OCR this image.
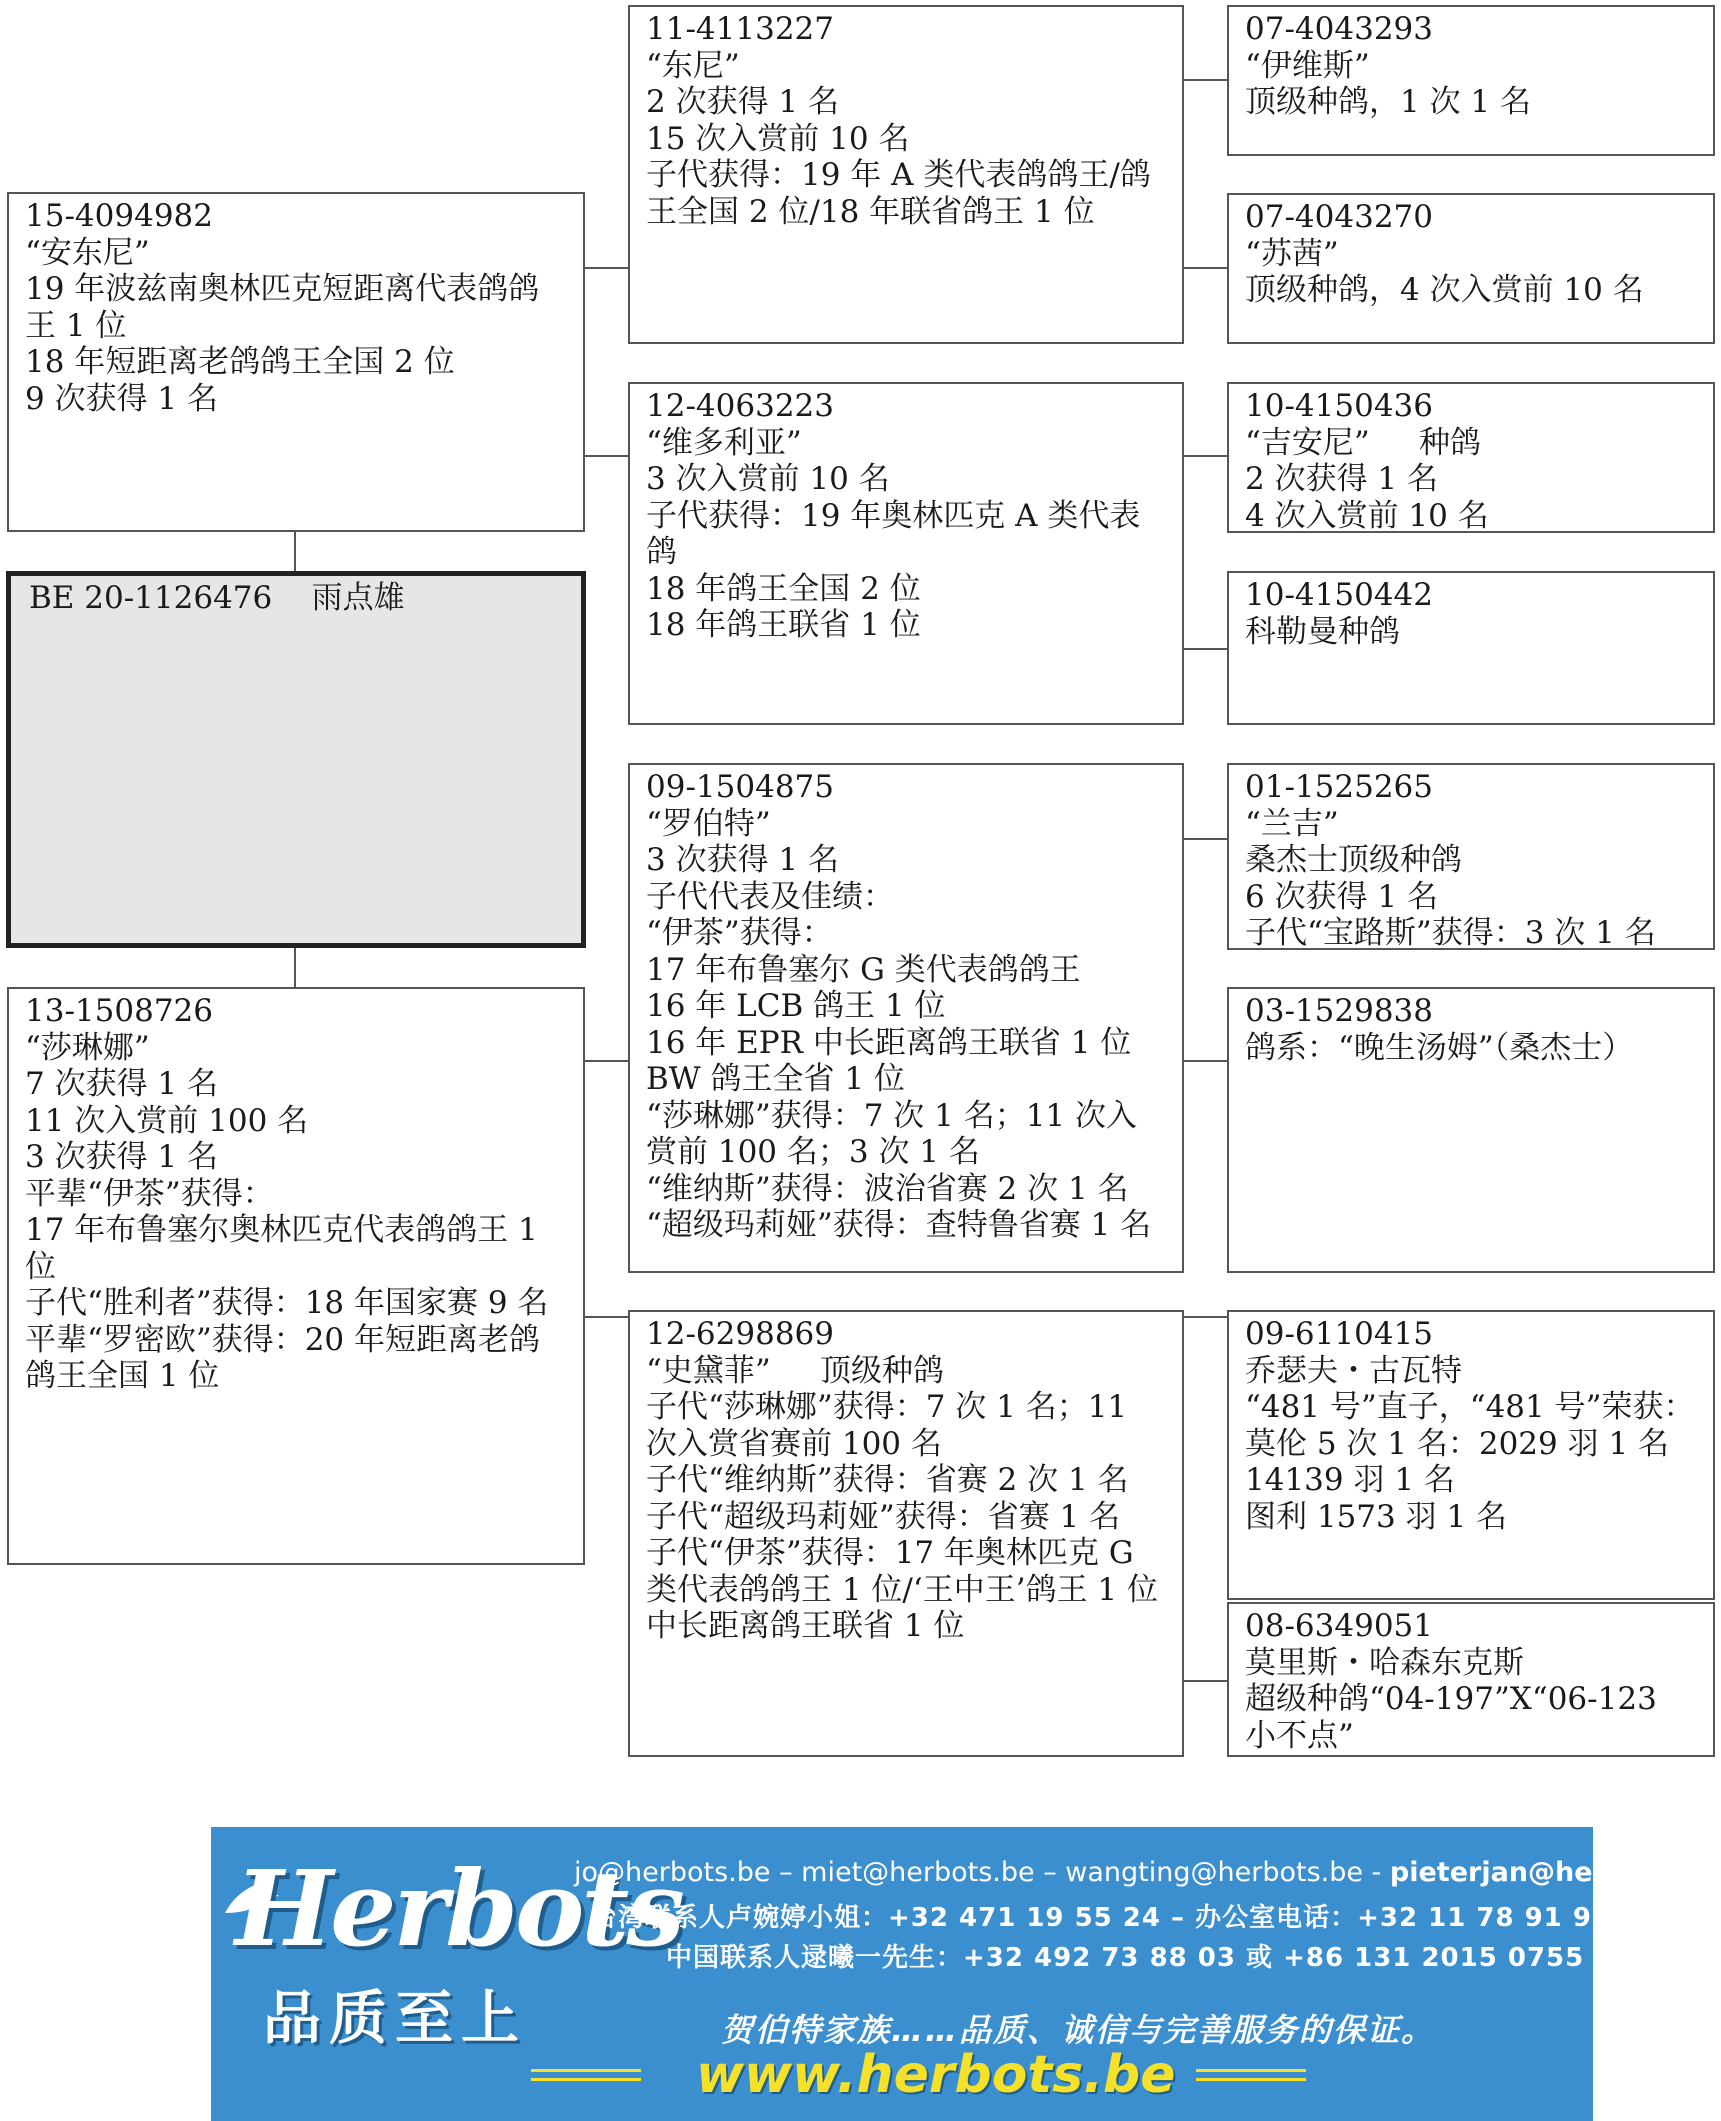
15-4094982
“安东尼”
19 年波兹南奥林匹克短距离代表鸽鸽王 1 位
18 年短距离老鸽鸽王全国 2 位
9 次获得 1 名
BE 20-1126476    雨点雄
13-1508726
“莎琳娜”
7 次获得 1 名
11 次入赏前 100 名
3 次获得 1 名
平辈“伊茶”获得：
17 年布鲁塞尔奥林匹克代表鸽鸽王 1 位
子代“胜利者”获得：18 年国家赛 9 名
平辈“罗密欧”获得：20 年短距离老鸽鸽王全国 1 位
11-4113227
“东尼”
2 次获得 1 名
15 次入赏前 10 名
子代获得：19 年 A 类代表鸽鸽王/鸽王全国 2 位/18 年联省鸽王 1 位
12-4063223
“维多利亚”
3 次入赏前 10 名
子代获得：19 年奥林匹克 A 类代表鸽
18 年鸽王全国 2 位
18 年鸽王联省 1 位
09-1504875
“罗伯特”
3 次获得 1 名
子代代表及佳绩：
“伊茶”获得：
17 年布鲁塞尔 G 类代表鸽鸽王
16 年 LCB 鸽王 1 位
16 年 EPR 中长距离鸽王联省 1 位
BW 鸽王全省 1 位
“莎琳娜”获得：7 次 1 名；11 次入赏前 100 名；3 次 1 名
“维纳斯”获得：波治省赛 2 次 1 名
“超级玛莉娅”获得：查特鲁省赛 1 名
12-6298869
“史黛菲”     顶级种鸽
子代“莎琳娜”获得：7 次 1 名；11 次入赏省赛前 100 名
子代“维纳斯”获得：省赛 2 次 1 名
子代“超级玛莉娅”获得：省赛 1 名
子代“伊茶”获得：17 年奥林匹克 G 类代表鸽鸽王 1 位/‘王中王’鸽王 1 位
中长距离鸽王联省 1 位
07-4043293
“伊维斯”
顶级种鸽，1 次 1 名
07-4043270
“苏茜”
顶级种鸽，4 次入赏前 10 名
10-4150436
“吉安尼”     种鸽
2 次获得 1 名
4 次入赏前 10 名
10-4150442
科勒曼种鸽
01-1525265
“兰吉”
桑杰士顶级种鸽
6 次获得 1 名
子代“宝路斯”获得：3 次 1 名
03-1529838
鸽系：“晚生汤姆”（桑杰士）
09-6110415
乔瑟夫・古瓦特
“481 号”直子，“481 号”荣获：
莫伦 5 次 1 名：2029 羽 1 名
14139 羽 1 名
图利 1573 羽 1 名
08-6349051
莫里斯・哈森东克斯
超级种鸽“04-197”X“06-123
小不点”
Herbots
品质至上
jo@herbots.be – miet@herbots.be – wangting@herbots.be - pieterjan@herbots.be
台湾联系人卢婉婷小姐：+32 471 19 55 24 – 办公室电话：+32 11 78 91 90
中国联系人逯曦一先生：+32 492 73 88 03 或 +86 131 2015 0755
贺伯特家族……品质、诚信与完善服务的保证。
www.herbots.be
